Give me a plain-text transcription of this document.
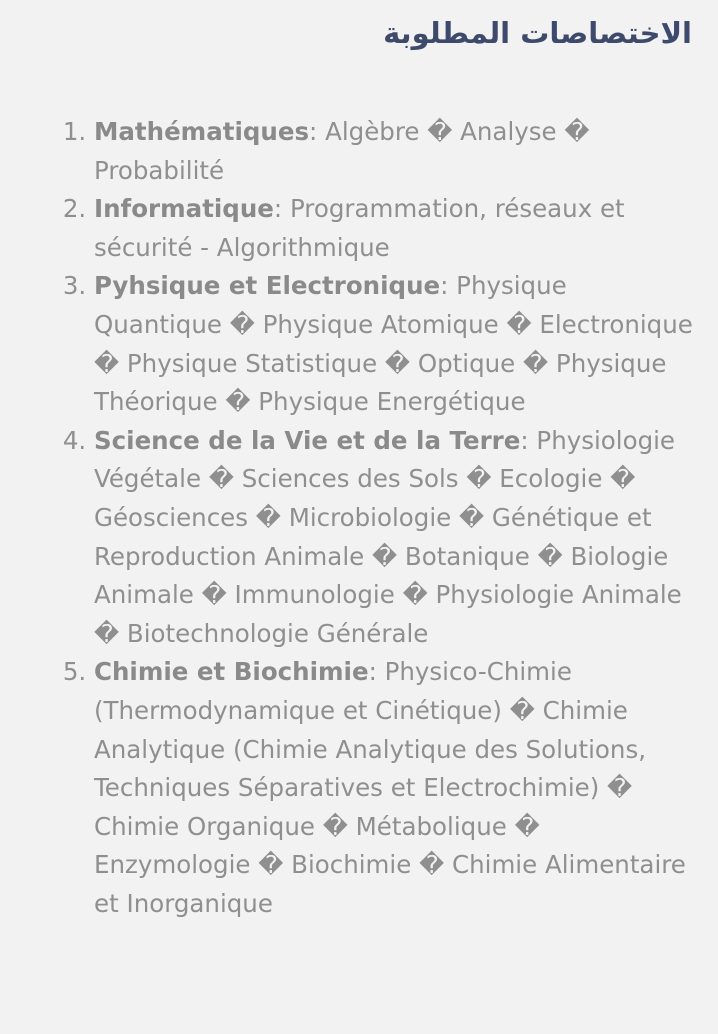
الاختصاصات المطلوبة
1. Mathématiques: Algèbre � Analyse � Probabilité
2. Informatique: Programmation, réseaux et sécurité - Algorithmique
3. Pyhsique et Electronique: Physique Quantique � Physique Atomique � Electronique � Physique Statistique � Optique � Physique Théorique � Physique Energétique
4. Science de la Vie et de la Terre: Physiologie Végétale � Sciences des Sols � Ecologie � Géosciences � Microbiologie � Génétique et Reproduction Animale � Botanique � Biologie Animale � Immunologie � Physiologie Animale � Biotechnologie Générale
5. Chimie et Biochimie: Physico-Chimie (Thermodynamique et Cinétique) � Chimie Analytique (Chimie Analytique des Solutions, Techniques Séparatives et Electrochimie) � Chimie Organique � Métabolique � Enzymologie � Biochimie � Chimie Alimentaire et Inorganique
